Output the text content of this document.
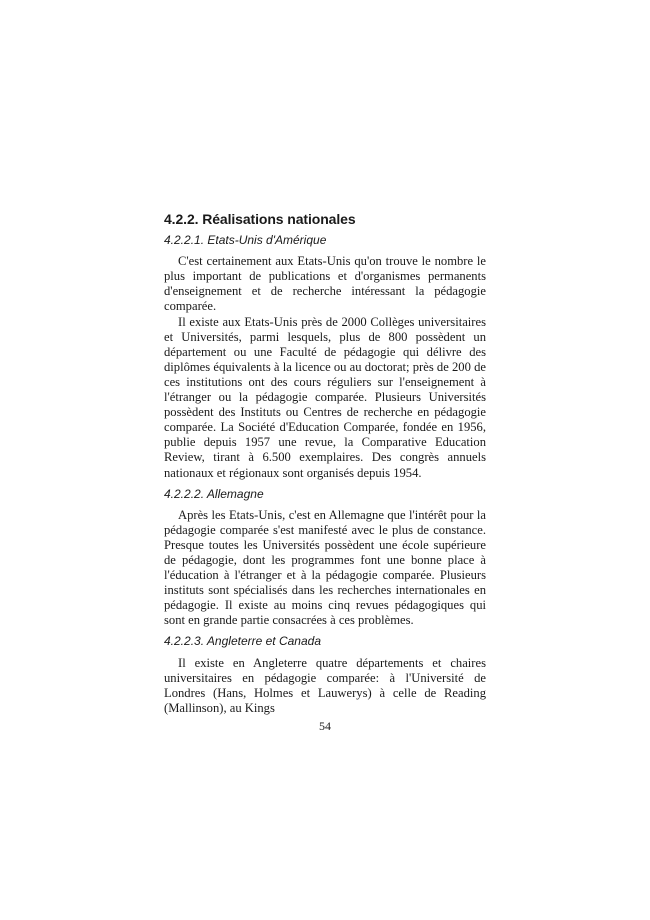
4.2.2. Réalisations nationales
4.2.2.1. Etats-Unis d'Amérique

C'est certainement aux Etats-Unis qu'on trouve le nombre le plus important de publications et d'organismes permanents d'enseignement et de recherche intéressant la pédagogie comparée.

Il existe aux Etats-Unis près de 2000 Collèges universitaires et Universités, parmi lesquels, plus de 800 possèdent un département ou une Faculté de pédagogie qui délivre des diplômes équivalents à la licence ou au doctorat; près de 200 de ces institutions ont des cours réguliers sur l'enseignement à l'étranger ou la pédagogie comparée. Plusieurs Universités possèdent des Instituts ou Centres de recherche en pédagogie comparée. La Société d'Education Comparée, fondée en 1956, publie depuis 1957 une revue, la Comparative Education Review, tirant à 6.500 exemplaires. Des congrès annuels nationaux et régionaux sont organisés depuis 1954.

4.2.2.2. Allemagne

Après les Etats-Unis, c'est en Allemagne que l'intérêt pour la pédagogie comparée s'est manifesté avec le plus de constance. Presque toutes les Universités possèdent une école supérieure de pédagogie, dont les programmes font une bonne place à l'éducation à l'étranger et à la pédagogie comparée. Plusieurs instituts sont spécialisés dans les recherches internationales en pédagogie. Il existe au moins cinq revues pédagogiques qui sont en grande partie consacrées à ces problèmes.

4.2.2.3. Angleterre et Canada

Il existe en Angleterre quatre départements et chaires universitaires en pédagogie comparée: à l'Université de Londres (Hans, Holmes et Lauwerys) à celle de Reading (Mallinson), au Kings

54
